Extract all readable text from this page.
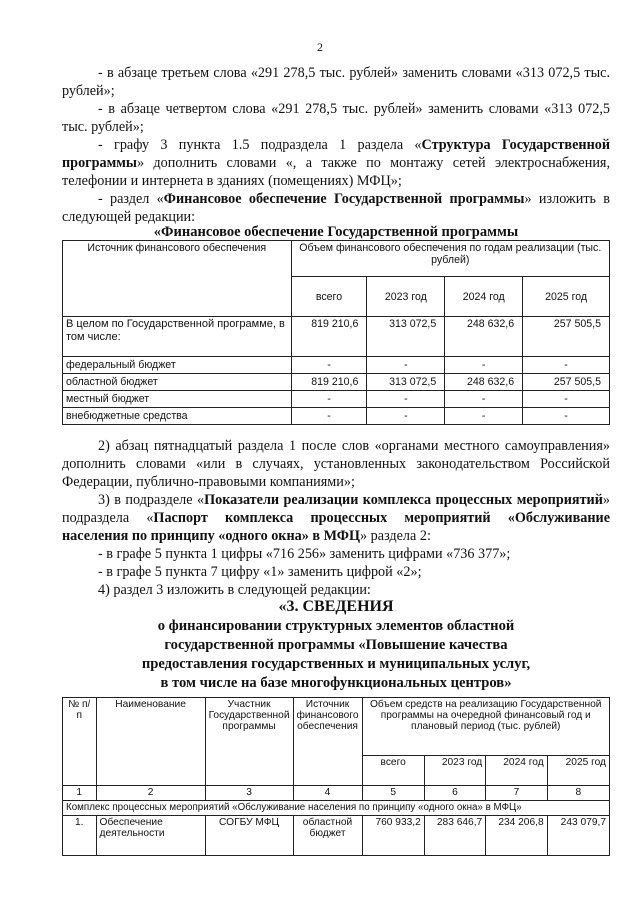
2

- в абзаце третьем слова «291 278,5 тыс. рублей» заменить словами «313 072,5 тыс. рублей»;

- в абзаце четвертом слова «291 278,5 тыс. рублей» заменить словами «313 072,5 тыс. рублей»;

- графу 3 пункта 1.5 подраздела 1 раздела «Структура Государственной программы» дополнить словами «, а также по монтажу сетей электроснабжения, телефонии и интернета в зданиях (помещениях) МФЦ»;

- раздел «Финансовое обеспечение Государственной программы» изложить в следующей редакции:

«Финансовое обеспечение Государственной программы
Источник финансового обеспечения	Объем финансового обеспечения по годам реализации (тыс. рублей)			
	всего	2023 год	2024 год	2025 год
В целом по Государственной программе, в том числе:	819 210,6	313 072,5	248 632,6	257 505,5
федеральный бюджет	-	-	-	-
областной бюджет	819 210,6	313 072,5	248 632,6	257 505,5
местный бюджет	-	-	-	-
внебюджетные средства	-	-	-	-

2) абзац пятнадцатый раздела 1 после слов «органами местного самоуправления» дополнить словами «или в случаях, установленных законодательством Российской Федерации, публично-правовыми компаниями»;

3) в подразделе «Показатели реализации комплекса процессных мероприятий» подраздела «Паспорт комплекса процессных мероприятий «Обслуживание населения по принципу «одного окна» в МФЦ» раздела 2:

- в графе 5 пункта 1 цифры «716 256» заменить цифрами «736 377»;

- в графе 5 пункта 7 цифру «1» заменить цифрой «2»;

4) раздел 3 изложить в следующей редакции:

«3. СВЕДЕНИЯ
о финансировании структурных элементов областной
государственной программы «Повышение качества
предоставления государственных и муниципальных услуг,
в том числе на базе многофункциональных центров»
№ п/п	Наименование	Участник Государственной программы	Источник финансового обеспечения	Объем средств на реализацию Государственной программы на очередной финансовый год и плановый период (тыс. рублей)			
				всего	2023 год	2024 год	2025 год
1	2	3	4	5	6	7	8
Комплекс процессных мероприятий «Обслуживание населения по принципу «одного окна» в МФЦ»							
1.	Обеспечение деятельности	СОГБУ МФЦ	областной бюджет	760 933,2	283 646,7	234 206,8	243 079,7
